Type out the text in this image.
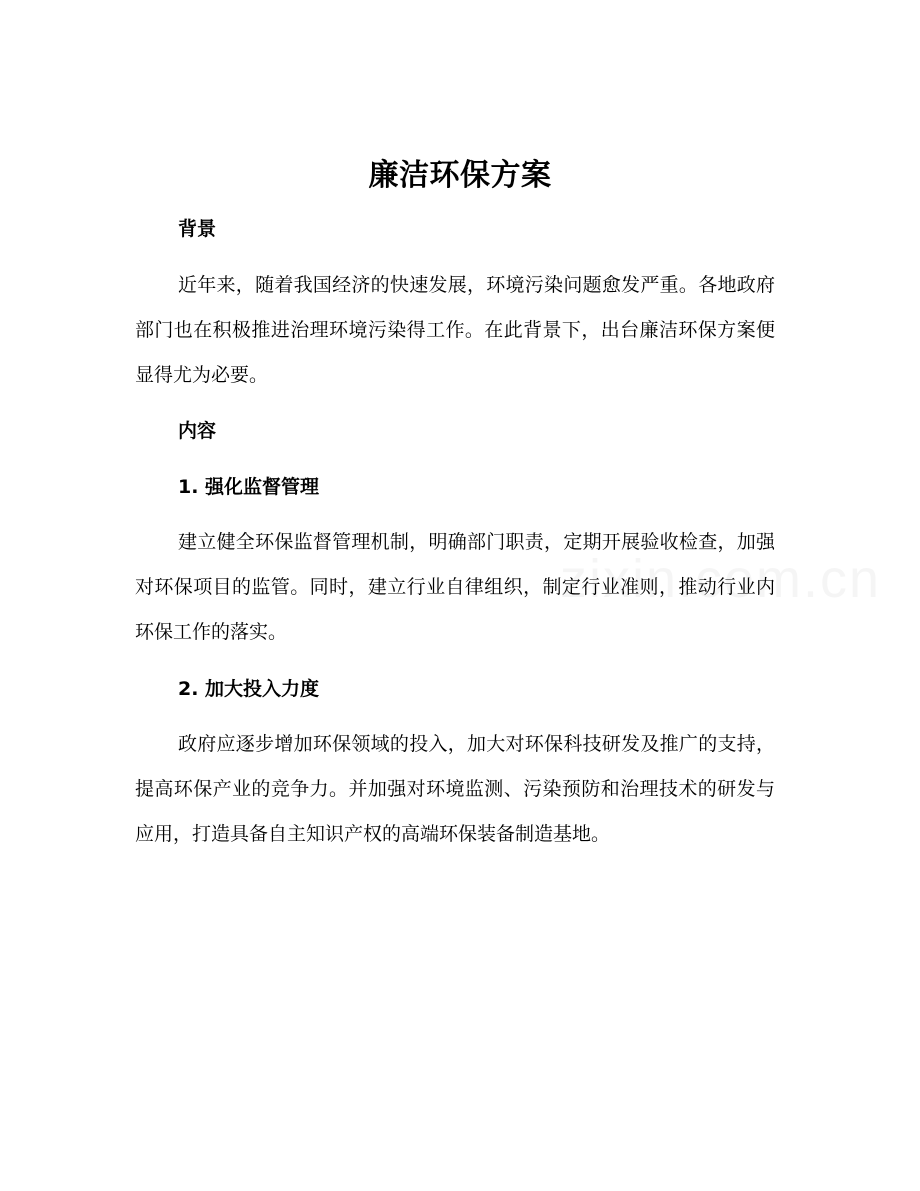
廉洁环保方案
背景

近年来，随着我国经济的快速发展，环境污染问题愈发严重。各地政府部门也在积极推进治理环境污染得工作。在此背景下，出台廉洁环保方案便显得尤为必要。

内容
1. 强化监督管理

建立健全环保监督管理机制，明确部门职责，定期开展验收检查，加强对环保项目的监管。同时，建立行业自律组织，制定行业准则，推动行业内环保工作的落实。

2. 加大投入力度

政府应逐步增加环保领域的投入，加大对环保科技研发及推广的支持，提高环保产业的竞争力。并加强对环境监测、污染预防和治理技术的研发与应用，打造具备自主知识产权的高端环保装备制造基地。
